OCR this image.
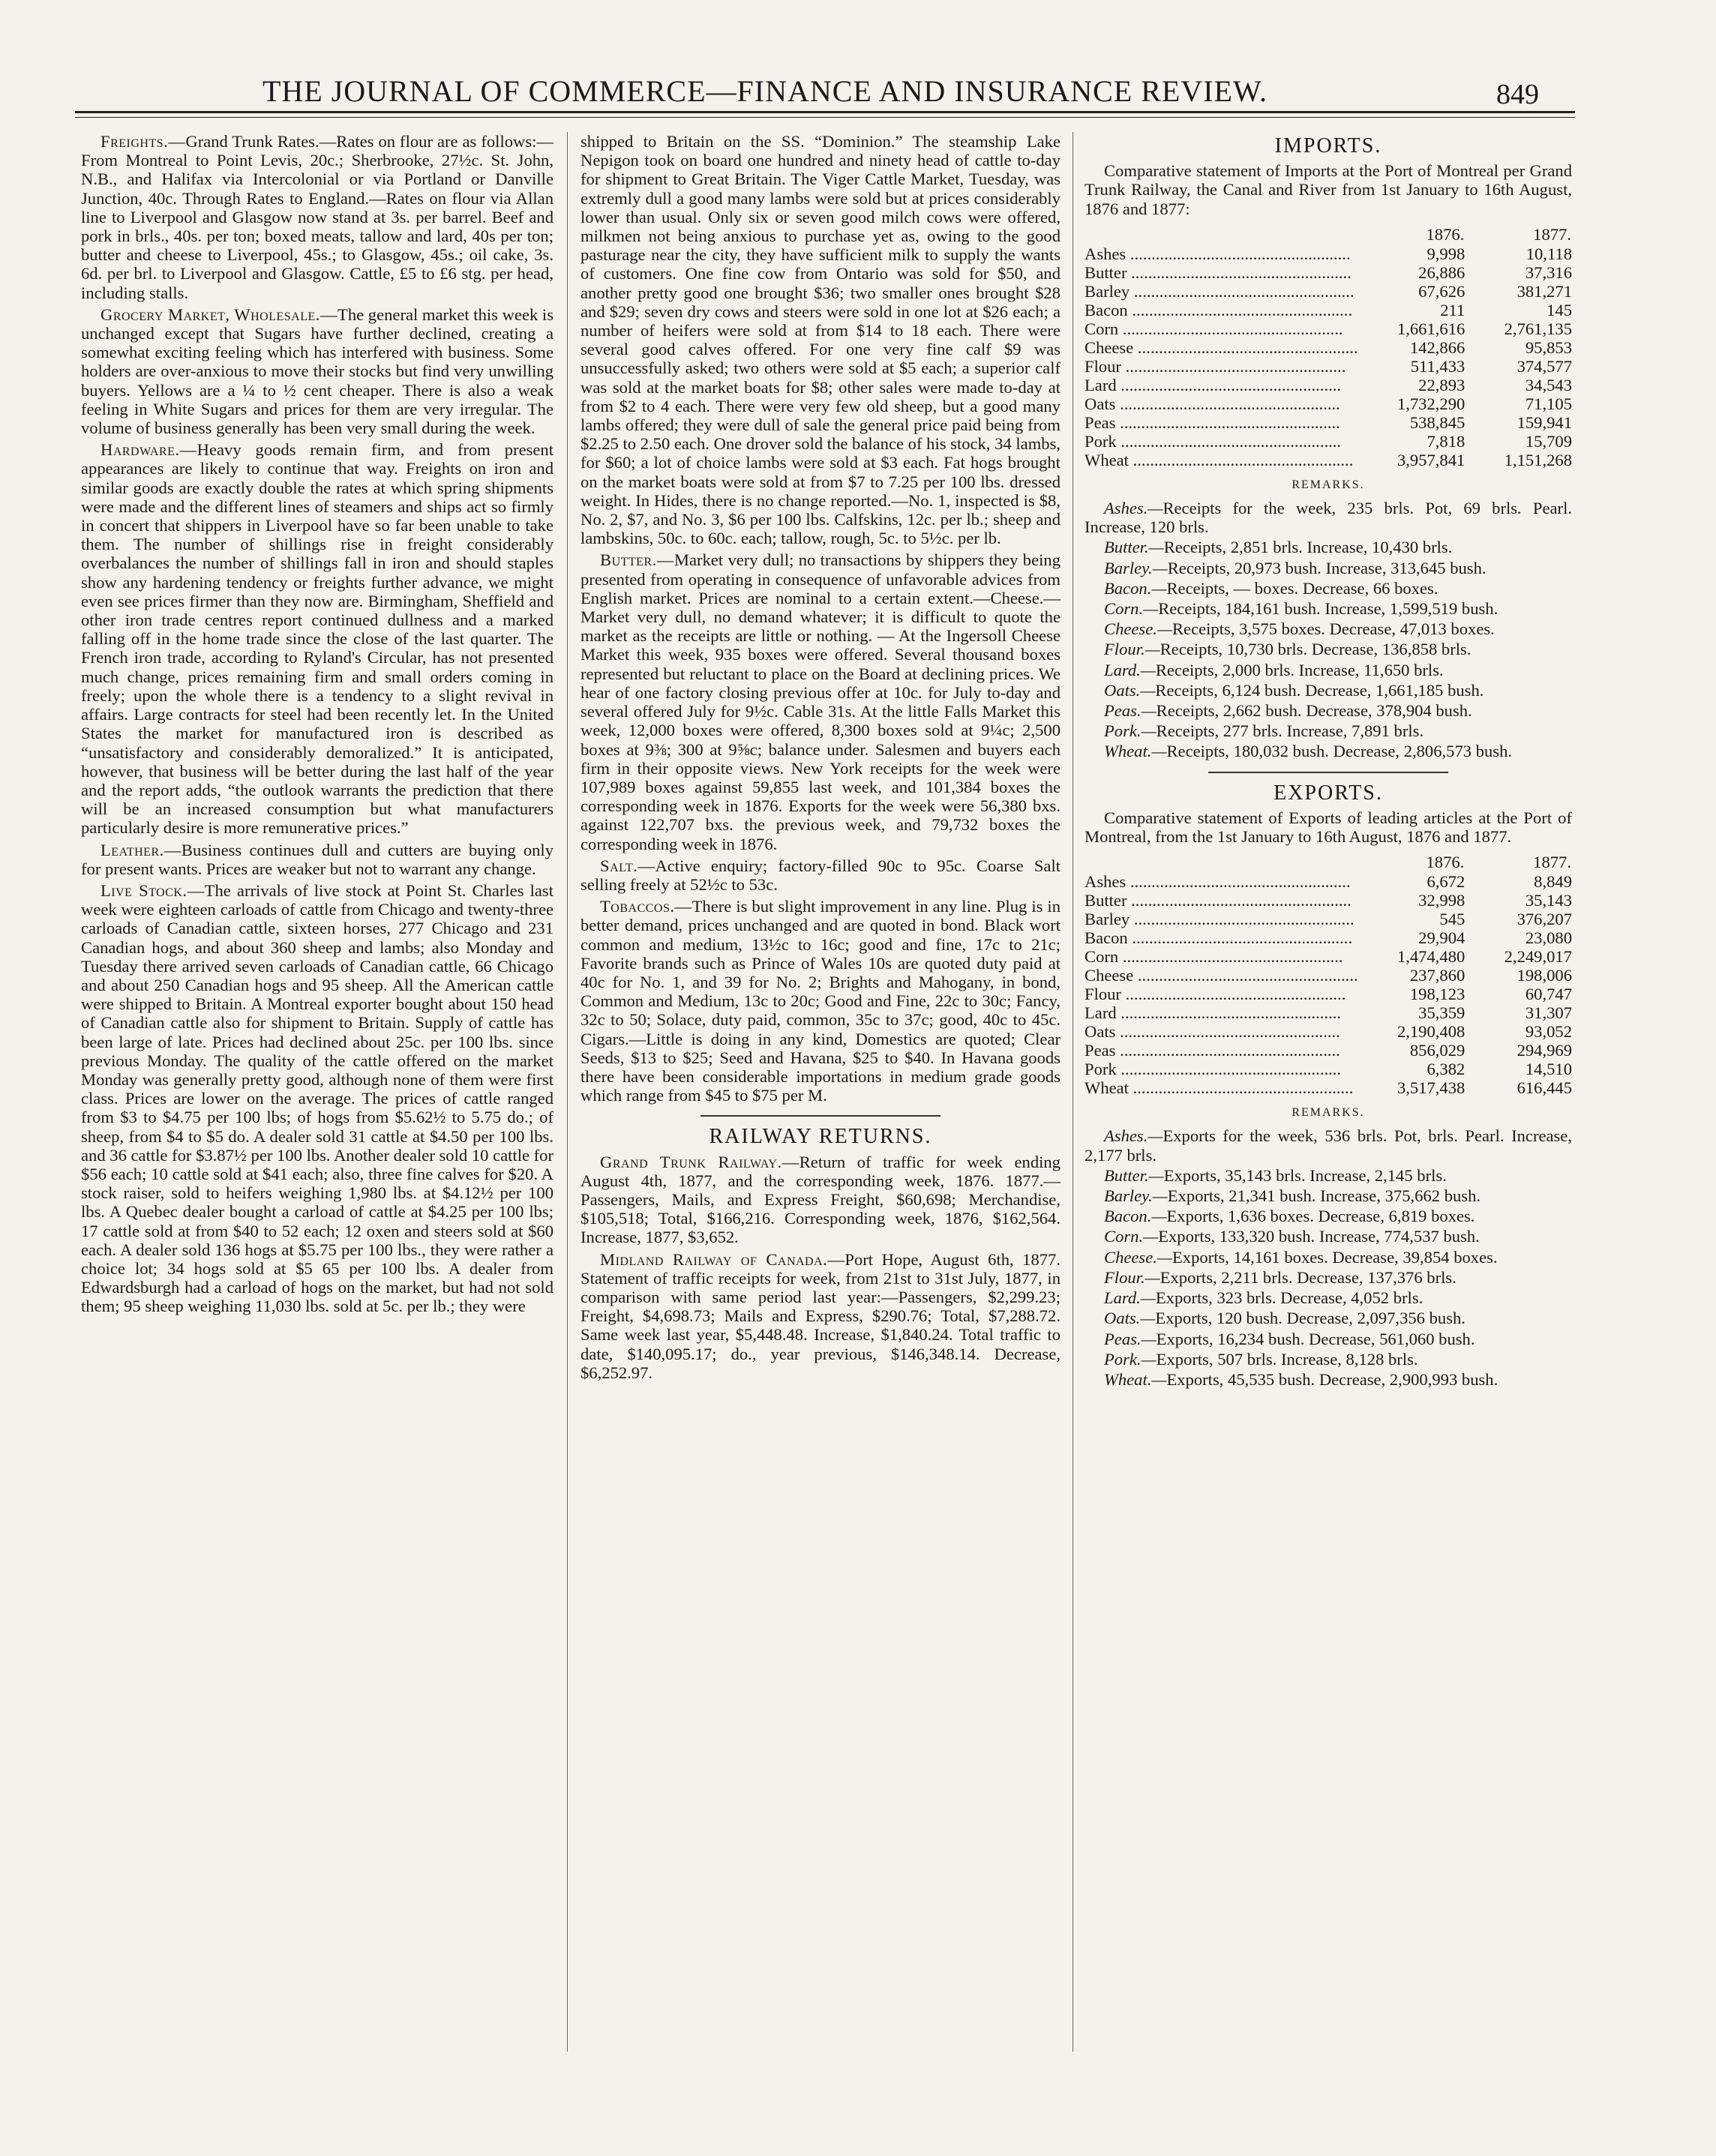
THE JOURNAL OF COMMERCE—FINANCE AND INSURANCE REVIEW.	849

Freights.—Grand Trunk Rates.—Rates on flour are as follows:—From Montreal to Point Levis, 20c.; Sherbrooke, 27½c. St. John, N.B., and Halifax via Intercolonial or via Portland or Danville Junction, 40c. Through Rates to England.—Rates on flour via Allan line to Liverpool and Glasgow now stand at 3s. per barrel. Beef and pork in brls., 40s. per ton; boxed meats, tallow and lard, 40s per ton; butter and cheese to Liverpool, 45s.; to Glasgow, 45s.; oil cake, 3s. 6d. per brl. to Liverpool and Glasgow. Cattle, £5 to £6 stg. per head, including stalls.

Grocery Market, Wholesale.—The general market this week is unchanged except that Sugars have further declined, creating a somewhat exciting feeling which has interfered with business. Some holders are over-anxious to move their stocks but find very unwilling buyers. Yellows are a ¼ to ½ cent cheaper. There is also a weak feeling in White Sugars and prices for them are very irregular. The volume of business generally has been very small during the week.

Hardware.—Heavy goods remain firm, and from present appearances are likely to continue that way. Freights on iron and similar goods are exactly double the rates at which spring shipments were made and the different lines of steamers and ships act so firmly in concert that shippers in Liverpool have so far been unable to take them. The number of shillings rise in freight considerably overbalances the number of shillings fall in iron and should staples show any hardening tendency or freights further advance, we might even see prices firmer than they now are. Birmingham, Sheffield and other iron trade centres report continued dullness and a marked falling off in the home trade since the close of the last quarter. The French iron trade, according to Ryland's Circular, has not presented much change, prices remaining firm and small orders coming in freely; upon the whole there is a tendency to a slight revival in affairs. Large contracts for steel had been recently let. In the United States the market for manufactured iron is described as “unsatisfactory and considerably demoralized.” It is anticipated, however, that business will be better during the last half of the year and the report adds, “the outlook warrants the prediction that there will be an increased consumption but what manufacturers particularly desire is more remunerative prices.”

Leather.—Business continues dull and cutters are buying only for present wants. Prices are weaker but not to warrant any change.

Live Stock.—The arrivals of live stock at Point St. Charles last week were eighteen carloads of cattle from Chicago and twenty-three carloads of Canadian cattle, sixteen horses, 277 Chicago and 231 Canadian hogs, and about 360 sheep and lambs; also Monday and Tuesday there arrived seven carloads of Canadian cattle, 66 Chicago and about 250 Canadian hogs and 95 sheep. All the American cattle were shipped to Britain. A Montreal exporter bought about 150 head of Canadian cattle also for shipment to Britain. Supply of cattle has been large of late. Prices had declined about 25c. per 100 lbs. since previous Monday. The quality of the cattle offered on the market Monday was generally pretty good, although none of them were first class. Prices are lower on the average. The prices of cattle ranged from $3 to $4.75 per 100 lbs; of hogs from $5.62½ to 5.75 do.; of sheep, from $4 to $5 do. A dealer sold 31 cattle at $4.50 per 100 lbs. and 36 cattle for $3.87½ per 100 lbs. Another dealer sold 10 cattle for $56 each; 10 cattle sold at $41 each; also, three fine calves for $20. A stock raiser, sold to heifers weighing 1,980 lbs. at $4.12½ per 100 lbs. A Quebec dealer bought a carload of cattle at $4.25 per 100 lbs; 17 cattle sold at from $40 to 52 each; 12 oxen and steers sold at $60 each. A dealer sold 136 hogs at $5.75 per 100 lbs., they were rather a choice lot; 34 hogs sold at $5 65 per 100 lbs. A dealer from Edwardsburgh had a carload of hogs on the market, but had not sold them; 95 sheep weighing 11,030 lbs. sold at 5c. per lb.; they were

shipped to Britain on the SS. “Dominion.” The steamship Lake Nepigon took on board one hundred and ninety head of cattle to-day for shipment to Great Britain. The Viger Cattle Market, Tuesday, was extremly dull a good many lambs were sold but at prices considerably lower than usual. Only six or seven good milch cows were offered, milkmen not being anxious to purchase yet as, owing to the good pasturage near the city, they have sufficient milk to supply the wants of customers. One fine cow from Ontario was sold for $50, and another pretty good one brought $36; two smaller ones brought $28 and $29; seven dry cows and steers were sold in one lot at $26 each; a number of heifers were sold at from $14 to 18 each. There were several good calves offered. For one very fine calf $9 was unsuccessfully asked; two others were sold at $5 each; a superior calf was sold at the market boats for $8; other sales were made to-day at from $2 to 4 each. There were very few old sheep, but a good many lambs offered; they were dull of sale the general price paid being from $2.25 to 2.50 each. One drover sold the balance of his stock, 34 lambs, for $60; a lot of choice lambs were sold at $3 each. Fat hogs brought on the market boats were sold at from $7 to 7.25 per 100 lbs. dressed weight. In Hides, there is no change reported.—No. 1, inspected is $8, No. 2, $7, and No. 3, $6 per 100 lbs. Calfskins, 12c. per lb.; sheep and lambskins, 50c. to 60c. each; tallow, rough, 5c. to 5½c. per lb.

Butter.—Market very dull; no transactions by shippers they being presented from operating in consequence of unfavorable advices from English market. Prices are nominal to a certain extent.—Cheese.— Market very dull, no demand whatever; it is difficult to quote the market as the receipts are little or nothing. — At the Ingersoll Cheese Market this week, 935 boxes were offered. Several thousand boxes represented but reluctant to place on the Board at declining prices. We hear of one factory closing previous offer at 10c. for July to-day and several offered July for 9½c. Cable 31s. At the little Falls Market this week, 12,000 boxes were offered, 8,300 boxes sold at 9¼c; 2,500 boxes at 9⅜; 300 at 9⅝c; balance under. Salesmen and buyers each firm in their opposite views. New York receipts for the week were 107,989 boxes against 59,855 last week, and 101,384 boxes the corresponding week in 1876. Exports for the week were 56,380 bxs. against 122,707 bxs. the previous week, and 79,732 boxes the corresponding week in 1876.

Salt.—Active enquiry; factory-filled 90c to 95c. Coarse Salt selling freely at 52½c to 53c.

Tobaccos.—There is but slight improvement in any line. Plug is in better demand, prices unchanged and are quoted in bond. Black wort common and medium, 13½c to 16c; good and fine, 17c to 21c; Favorite brands such as Prince of Wales 10s are quoted duty paid at 40c for No. 1, and 39 for No. 2; Brights and Mahogany, in bond, Common and Medium, 13c to 20c; Good and Fine, 22c to 30c; Fancy, 32c to 50; Solace, duty paid, common, 35c to 37c; good, 40c to 45c. Cigars.—Little is doing in any kind, Domestics are quoted; Clear Seeds, $13 to $25; Seed and Havana, $25 to $40. In Havana goods there have been considerable importations in medium grade goods which range from $45 to $75 per M.

RAILWAY RETURNS.

Grand Trunk Railway.—Return of traffic for week ending August 4th, 1877, and the corresponding week, 1876. 1877.—Passengers, Mails, and Express Freight, $60,698; Merchandise, $105,518; Total, $166,216. Corresponding week, 1876, $162,564. Increase, 1877, $3,652.

Midland Railway of Canada.—Port Hope, August 6th, 1877. Statement of traffic receipts for week, from 21st to 31st July, 1877, in comparison with same period last year:—Passengers, $2,299.23; Freight, $4,698.73; Mails and Express, $290.76; Total, $7,288.72. Same week last year, $5,448.48. Increase, $1,840.24. Total traffic to date, $140,095.17; do., year previous, $146,348.14. Decrease, $6,252.97.

IMPORTS.
Comparative statement of Imports at the Port of Montreal per Grand Trunk Railway, the Canal and River from 1st January to 16th August, 1876 and 1877:
	1876.	1877.
Ashes .....	9,998	10,118
Butter .....	26,886	37,316
Barley .....	67,626	381,271
Bacon .....	211	145
Corn .....	1,661,616	2,761,135
Cheese .....	142,866	95,853
Flour .....	511,433	374,577
Lard .....	22,893	34,543
Oats .....	1,732,290	71,105
Peas .....	538,845	159,941
Pork .....	7,818	15,709
Wheat .....	3,957,841	1,151,268
REMARKS.

Ashes.—Receipts for the week, 235 brls. Pot, 69 brls. Pearl. Increase, 120 brls.

Butter.—Receipts, 2,851 brls. Increase, 10,430 brls.

Barley.—Receipts, 20,973 bush. Increase, 313,645 bush.

Bacon.—Receipts, — boxes. Decrease, 66 boxes.

Corn.—Receipts, 184,161 bush. Increase, 1,599,519 bush.

Cheese.—Receipts, 3,575 boxes. Decrease, 47,013 boxes.

Flour.—Receipts, 10,730 brls. Decrease, 136,858 brls.

Lard.—Receipts, 2,000 brls. Increase, 11,650 brls.

Oats.—Receipts, 6,124 bush. Decrease, 1,661,185 bush.

Peas.—Receipts, 2,662 bush. Decrease, 378,904 bush.

Pork.—Receipts, 277 brls. Increase, 7,891 brls.

Wheat.—Receipts, 180,032 bush. Decrease, 2,806,573 bush.

EXPORTS.
Comparative statement of Exports of leading articles at the Port of Montreal, from the 1st January to 16th August, 1876 and 1877.
	1876.	1877.
Ashes .....	6,672	8,849
Butter .....	32,998	35,143
Barley .....	545	376,207
Bacon .....	29,904	23,080
Corn .....	1,474,480	2,249,017
Cheese .....	237,860	198,006
Flour .....	198,123	60,747
Lard .....	35,359	31,307
Oats .....	2,190,408	93,052
Peas .....	856,029	294,969
Pork .....	6,382	14,510
Wheat .....	3,517,438	616,445
REMARKS.

Ashes.—Exports for the week, 536 brls. Pot, brls. Pearl. Increase, 2,177 brls.

Butter.—Exports, 35,143 brls. Increase, 2,145 brls.

Barley.—Exports, 21,341 bush. Increase, 375,662 bush.

Bacon.—Exports, 1,636 boxes. Decrease, 6,819 boxes.

Corn.—Exports, 133,320 bush. Increase, 774,537 bush.

Cheese.—Exports, 14,161 boxes. Decrease, 39,854 boxes.

Flour.—Exports, 2,211 brls. Decrease, 137,376 brls.

Lard.—Exports, 323 brls. Decrease, 4,052 brls.

Oats.—Exports, 120 bush. Decrease, 2,097,356 bush.

Peas.—Exports, 16,234 bush. Decrease, 561,060 bush.

Pork.—Exports, 507 brls. Increase, 8,128 brls.

Wheat.—Exports, 45,535 bush. Decrease, 2,900,993 bush.
